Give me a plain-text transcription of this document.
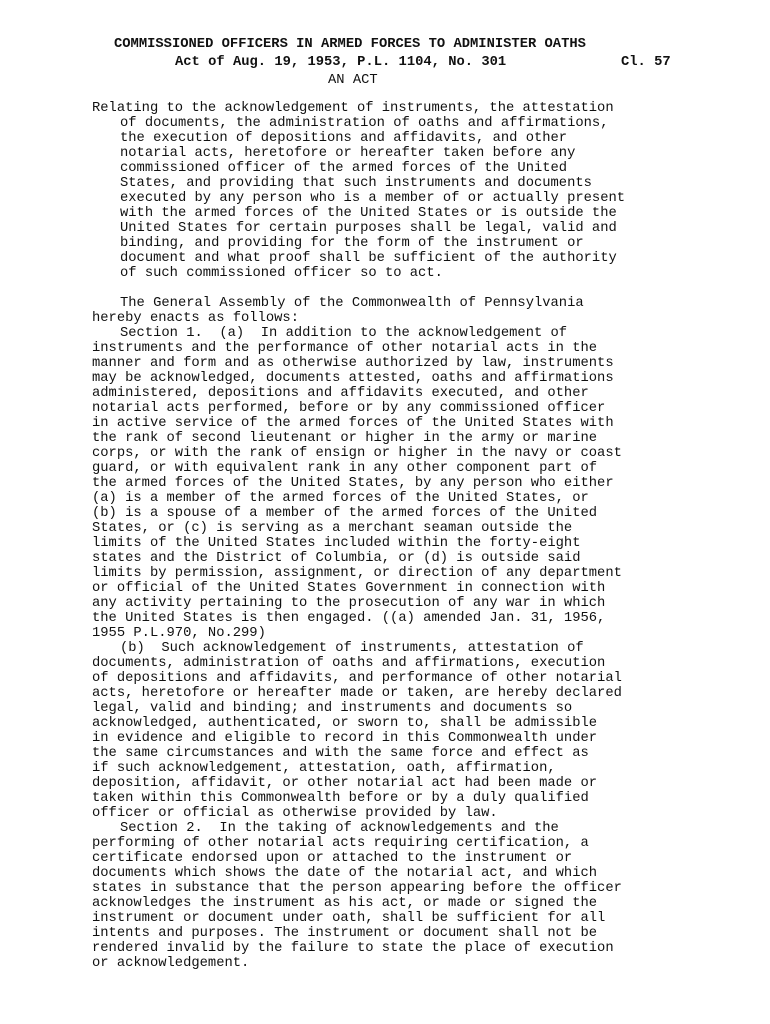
COMMISSIONED OFFICERS IN ARMED FORCES TO ADMINISTER OATHS
Act of Aug. 19, 1953, P.L. 1104, No. 301	Cl. 57
AN ACT
Relating to the acknowledgement of instruments, the attestation
of documents, the administration of oaths and affirmations,
the execution of depositions and affidavits, and other
notarial acts, heretofore or hereafter taken before any
commissioned officer of the armed forces of the United
States, and providing that such instruments and documents
executed by any person who is a member of or actually present
with the armed forces of the United States or is outside the
United States for certain purposes shall be legal, valid and
binding, and providing for the form of the instrument or
document and what proof shall be sufficient of the authority
of such commissioned officer so to act.
The General Assembly of the Commonwealth of Pennsylvania
hereby enacts as follows:
Section 1.  (a)  In addition to the acknowledgement of
instruments and the performance of other notarial acts in the
manner and form and as otherwise authorized by law, instruments
may be acknowledged, documents attested, oaths and affirmations
administered, depositions and affidavits executed, and other
notarial acts performed, before or by any commissioned officer
in active service of the armed forces of the United States with
the rank of second lieutenant or higher in the army or marine
corps, or with the rank of ensign or higher in the navy or coast
guard, or with equivalent rank in any other component part of
the armed forces of the United States, by any person who either
(a) is a member of the armed forces of the United States, or
(b) is a spouse of a member of the armed forces of the United
States, or (c) is serving as a merchant seaman outside the
limits of the United States included within the forty-eight
states and the District of Columbia, or (d) is outside said
limits by permission, assignment, or direction of any department
or official of the United States Government in connection with
any activity pertaining to the prosecution of any war in which
the United States is then engaged. ((a) amended Jan. 31, 1956,
1955 P.L.970, No.299)
(b)  Such acknowledgement of instruments, attestation of
documents, administration of oaths and affirmations, execution
of depositions and affidavits, and performance of other notarial
acts, heretofore or hereafter made or taken, are hereby declared
legal, valid and binding; and instruments and documents so
acknowledged, authenticated, or sworn to, shall be admissible
in evidence and eligible to record in this Commonwealth under
the same circumstances and with the same force and effect as
if such acknowledgement, attestation, oath, affirmation,
deposition, affidavit, or other notarial act had been made or
taken within this Commonwealth before or by a duly qualified
officer or official as otherwise provided by law.
Section 2.  In the taking of acknowledgements and the
performing of other notarial acts requiring certification, a
certificate endorsed upon or attached to the instrument or
documents which shows the date of the notarial act, and which
states in substance that the person appearing before the officer
acknowledges the instrument as his act, or made or signed the
instrument or document under oath, shall be sufficient for all
intents and purposes. The instrument or document shall not be
rendered invalid by the failure to state the place of execution
or acknowledgement.
